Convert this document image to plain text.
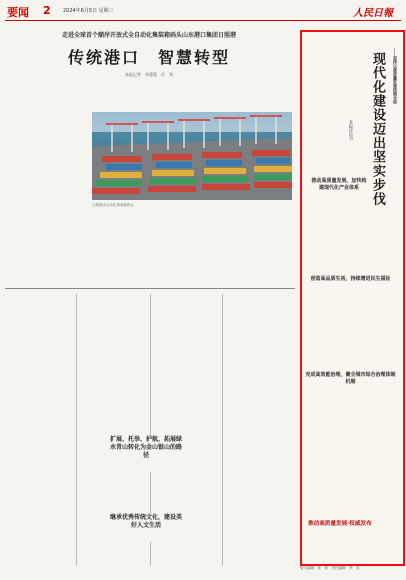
要闻 2 2024年6月5日 星期三	人民日報
走进全球首个顺岸开放式全自动化集装箱码头山东港口集团日照港
传统港口　智慧转型
本报记者　李蕾蕾　肖　琴
日照港全自动化集装箱码头

扩展、托举、护航，拓展绿水青山转化为金山银山的路径
继承优秀传统文化，建设美好人文生活
——坚持以高质量发展统领全局
现代化建设迈出坚实步伐
本报评论员

推动高质量发展，加快构建现代化产业体系

创造高品质生活，持续增进民生福祉

完成高效能治理，健全城市综合治理体制机制

推动高质量发展·权威发布
版式编辑：张　欢　责任编辑：李　英
